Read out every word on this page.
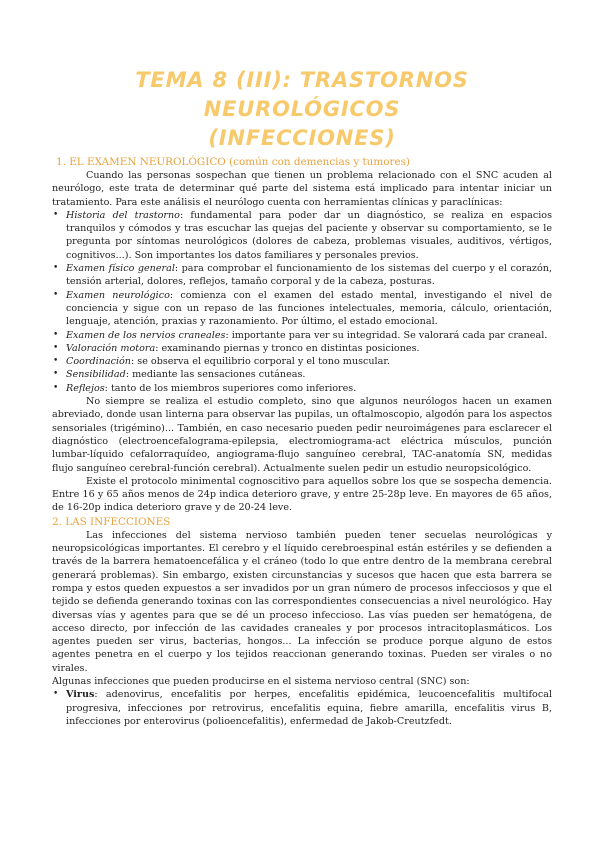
TEMA 8 (III): TRASTORNOS NEUROLÓGICOS
(INFECCIONES)
1. EL EXAMEN NEUROLÓGICO (común con demencias y tumores)

Cuando las personas sospechan que tienen un problema relacionado con el SNC acuden al neurólogo, este trata de determinar qué parte del sistema está implicado para intentar iniciar un tratamiento. Para este análisis el neurólogo cuenta con herramientas clínicas y paraclínicas:

• Historia del trastorno: fundamental para poder dar un diagnóstico, se realiza en espacios tranquilos y cómodos y tras escuchar las quejas del paciente y observar su comportamiento, se le pregunta por síntomas neurológicos (dolores de cabeza, problemas visuales, auditivos, vértigos, cognitivos...). Son importantes los datos familiares y personales previos.
• Examen físico general: para comprobar el funcionamiento de los sistemas del cuerpo y el corazón, tensión arterial, dolores, reflejos, tamaño corporal y de la cabeza, posturas.
• Examen neurológico: comienza con el examen del estado mental, investigando el nivel de conciencia y sigue con un repaso de las funciones intelectuales, memoria, cálculo, orientación, lenguaje, atención, praxias y razonamiento. Por último, el estado emocional.
• Examen de los nervios craneales: importante para ver su integridad. Se valorará cada par craneal.
• Valoración motora: examinando piernas y tronco en distintas posiciones.
• Coordinación: se observa el equilibrio corporal y el tono muscular.
• Sensibilidad: mediante las sensaciones cutáneas.
• Reflejos: tanto de los miembros superiores como inferiores.

No siempre se realiza el estudio completo, sino que algunos neurólogos hacen un examen abreviado, donde usan linterna para observar las pupilas, un oftalmoscopio, algodón para los aspectos sensoriales (trigémino)... También, en caso necesario pueden pedir neuroimágenes para esclarecer el diagnóstico (electroencefalograma-epilepsia, electromiograma-act eléctrica músculos, punción lumbar-líquido cefalorraquídeo, angiograma-flujo sanguíneo cerebral, TAC-anatomía SN, medidas flujo sanguíneo cerebral-función cerebral). Actualmente suelen pedir un estudio neuropsicológico.

Existe el protocolo minimental cognoscitivo para aquellos sobre los que se sospecha demencia. Entre 16 y 65 años menos de 24p indica deterioro grave, y entre 25-28p leve. En mayores de 65 años, de 16-20p indica deterioro grave y de 20-24 leve.

2. LAS INFECCIONES

Las infecciones del sistema nervioso también pueden tener secuelas neurológicas y neuropsicológicas importantes. El cerebro y el líquido cerebroespinal están estériles y se defienden a través de la barrera hematoencefálica y el cráneo (todo lo que entre dentro de la membrana cerebral generará problemas). Sin embargo, existen circunstancias y sucesos que hacen que esta barrera se rompa y estos queden expuestos a ser invadidos por un gran número de procesos infecciosos y que el tejido se defienda generando toxinas con las correspondientes consecuencias a nivel neurológico. Hay diversas vías y agentes para que se dé un proceso infeccioso. Las vías pueden ser hematógena, de acceso directo, por infección de las cavidades craneales y por procesos intracitoplasmáticos. Los agentes pueden ser virus, bacterias, hongos... La infección se produce porque alguno de estos agentes penetra en el cuerpo y los tejidos reaccionan generando toxinas. Pueden ser virales o no virales.

Algunas infecciones que pueden producirse en el sistema nervioso central (SNC) son:

• Virus: adenovirus, encefalitis por herpes, encefalitis epidémica, leucoencefalitis multifocal progresiva, infecciones por retrovirus, encefalitis equina, fiebre amarilla, encefalitis virus B, infecciones por enterovirus (polioencefalitis), enfermedad de Jakob-Creutzfedt.
